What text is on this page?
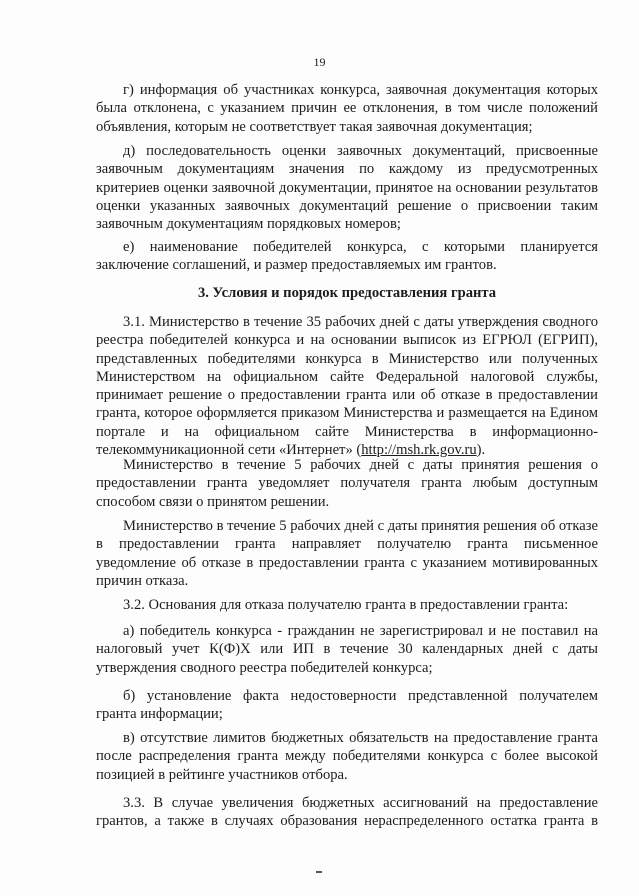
19

г) информация об участниках конкурса, заявочная документация которых была отклонена, с указанием причин ее отклонения, в том числе положений объявления, которым не соответствует такая заявочная документация;

д) последовательность оценки заявочных документаций, присвоенные заявочным документациям значения по каждому из предусмотренных критериев оценки заявочной документации, принятое на основании результатов оценки указанных заявочных документаций решение о присвоении таким заявочным документациям порядковых номеров;

е) наименование победителей конкурса, с которыми планируется заключение соглашений, и размер предоставляемых им грантов.

3. Условия и порядок предоставления гранта

3.1. Министерство в течение 35 рабочих дней с даты утверждения сводного реестра победителей конкурса и на основании выписок из ЕГРЮЛ (ЕГРИП), представленных победителями конкурса в Министерство или полученных Министерством на официальном сайте Федеральной налоговой службы, принимает решение о предоставлении гранта или об отказе в предоставлении гранта, которое оформляется приказом Министерства и размещается на Едином портале и на официальном сайте Министерства в информационно-телекоммуникационной сети «Интернет» (http://msh.rk.gov.ru).

Министерство в течение 5 рабочих дней с даты принятия решения о предоставлении гранта уведомляет получателя гранта любым доступным способом связи о принятом решении.

Министерство в течение 5 рабочих дней с даты принятия решения об отказе в предоставлении гранта направляет получателю гранта письменное уведомление об отказе в предоставлении гранта с указанием мотивированных причин отказа.

3.2. Основания для отказа получателю гранта в предоставлении гранта:

а) победитель конкурса - гражданин не зарегистрировал и не поставил на налоговый учет К(Ф)Х или ИП в течение 30 календарных дней с даты утверждения сводного реестра победителей конкурса;

б) установление факта недостоверности представленной получателем гранта информации;

в) отсутствие лимитов бюджетных обязательств на предоставление гранта после распределения гранта между победителями конкурса с более высокой позицией в рейтинге участников отбора.

3.3. В случае увеличения бюджетных ассигнований на предоставление грантов, а также в случаях образования нераспределенного остатка гранта в
